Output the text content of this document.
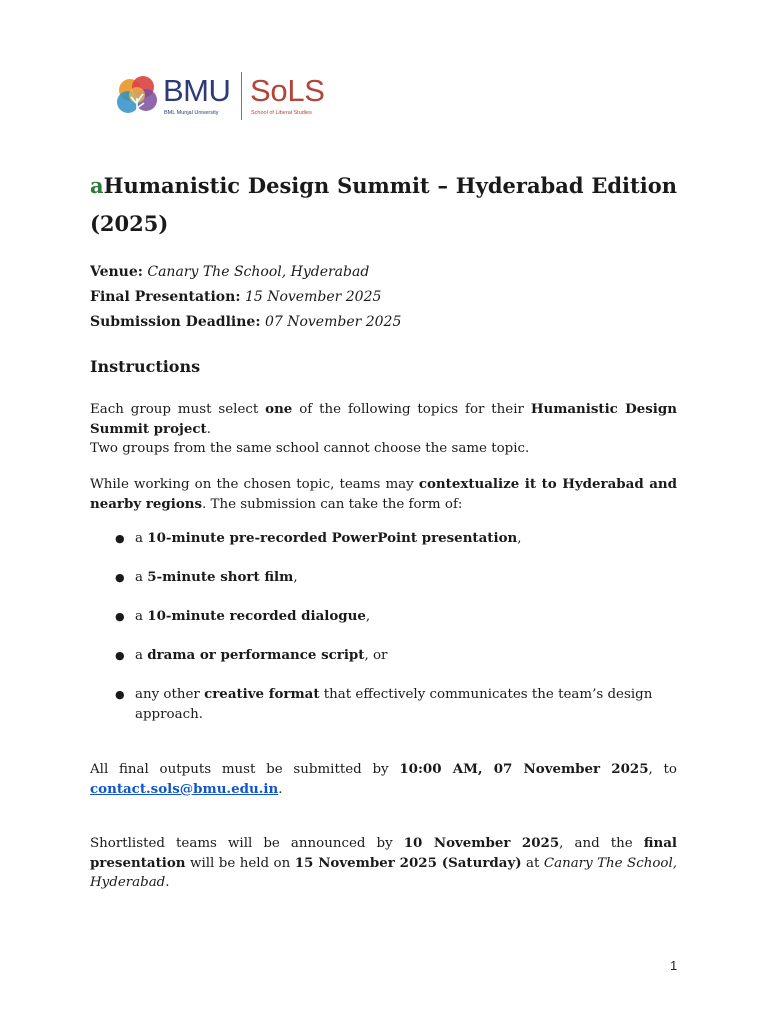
BMU
BML Munjal University
SoLS
School of Liberal Studies
aHumanistic Design Summit – Hyderabad Edition (2025)
Venue: Canary The School, Hyderabad
Final Presentation: 15 November 2025
Submission Deadline: 07 November 2025
Instructions

Each group must select one of the following topics for their Humanistic Design Summit project.
Two groups from the same school cannot choose the same topic.

While working on the chosen topic, teams may contextualize it to Hyderabad and nearby regions. The submission can take the form of:

● a 10-minute pre-recorded PowerPoint presentation,
● a 5-minute short film,
● a 10-minute recorded dialogue,
● a drama or performance script, or
● any other creative format that effectively communicates the team’s design approach.

All final outputs must be submitted by 10:00 AM, 07 November 2025, to contact.sols@bmu.edu.in.

Shortlisted teams will be announced by 10 November 2025, and the final presentation will be held on 15 November 2025 (Saturday) at Canary The School, Hyderabad.

1
